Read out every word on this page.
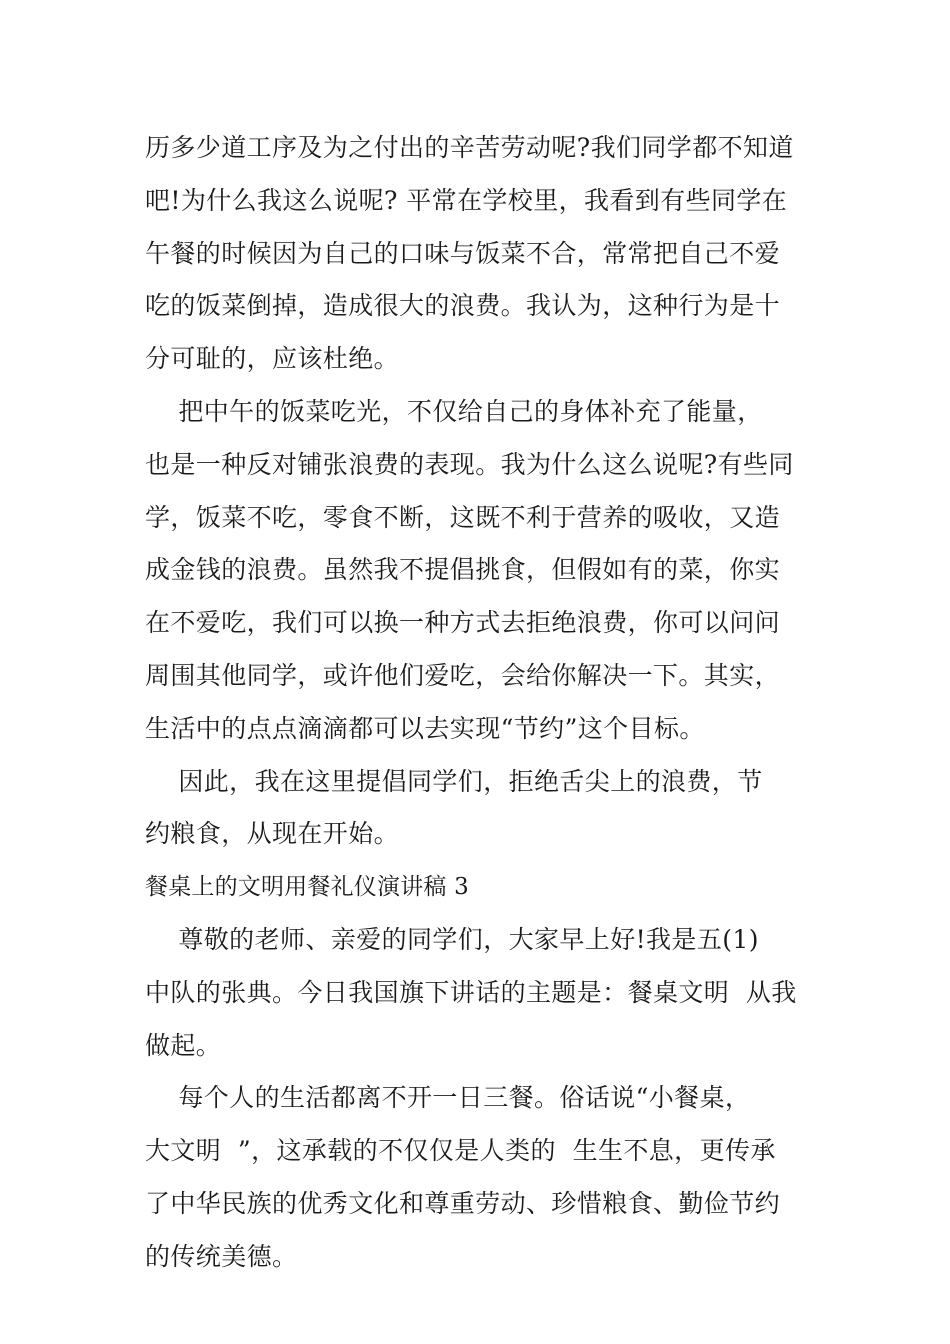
历多少道工序及为之付出的辛苦劳动呢?我们同学都不知道
吧!为什么我这么说呢? 平常在学校里，我看到有些同学在
午餐的时候因为自己的口味与饭菜不合，常常把自己不爱
吃的饭菜倒掉，造成很大的浪费。我认为，这种行为是十
分可耻的，应该杜绝。
把中午的饭菜吃光，不仅给自己的身体补充了能量，
也是一种反对铺张浪费的表现。我为什么这么说呢?有些同
学，饭菜不吃，零食不断，这既不利于营养的吸收，又造
成金钱的浪费。虽然我不提倡挑食，但假如有的菜，你实
在不爱吃，我们可以换一种方式去拒绝浪费，你可以问问
周围其他同学，或许他们爱吃，会给你解决一下。其实，
生活中的点点滴滴都可以去实现“节约”这个目标。
因此，我在这里提倡同学们，拒绝舌尖上的浪费，节
约粮食，从现在开始。
餐桌上的文明用餐礼仪演讲稿 3
尊敬的老师、亲爱的同学们，大家早上好!我是五(1)
中队的张典。今日我国旗下讲话的主题是：餐桌文明  从我
做起。
每个人的生活都离不开一日三餐。俗话说“小餐桌，
大文明  ”，这承载的不仅仅是人类的  生生不息，更传承
了中华民族的优秀文化和尊重劳动、珍惜粮食、勤俭节约
的传统美德。
